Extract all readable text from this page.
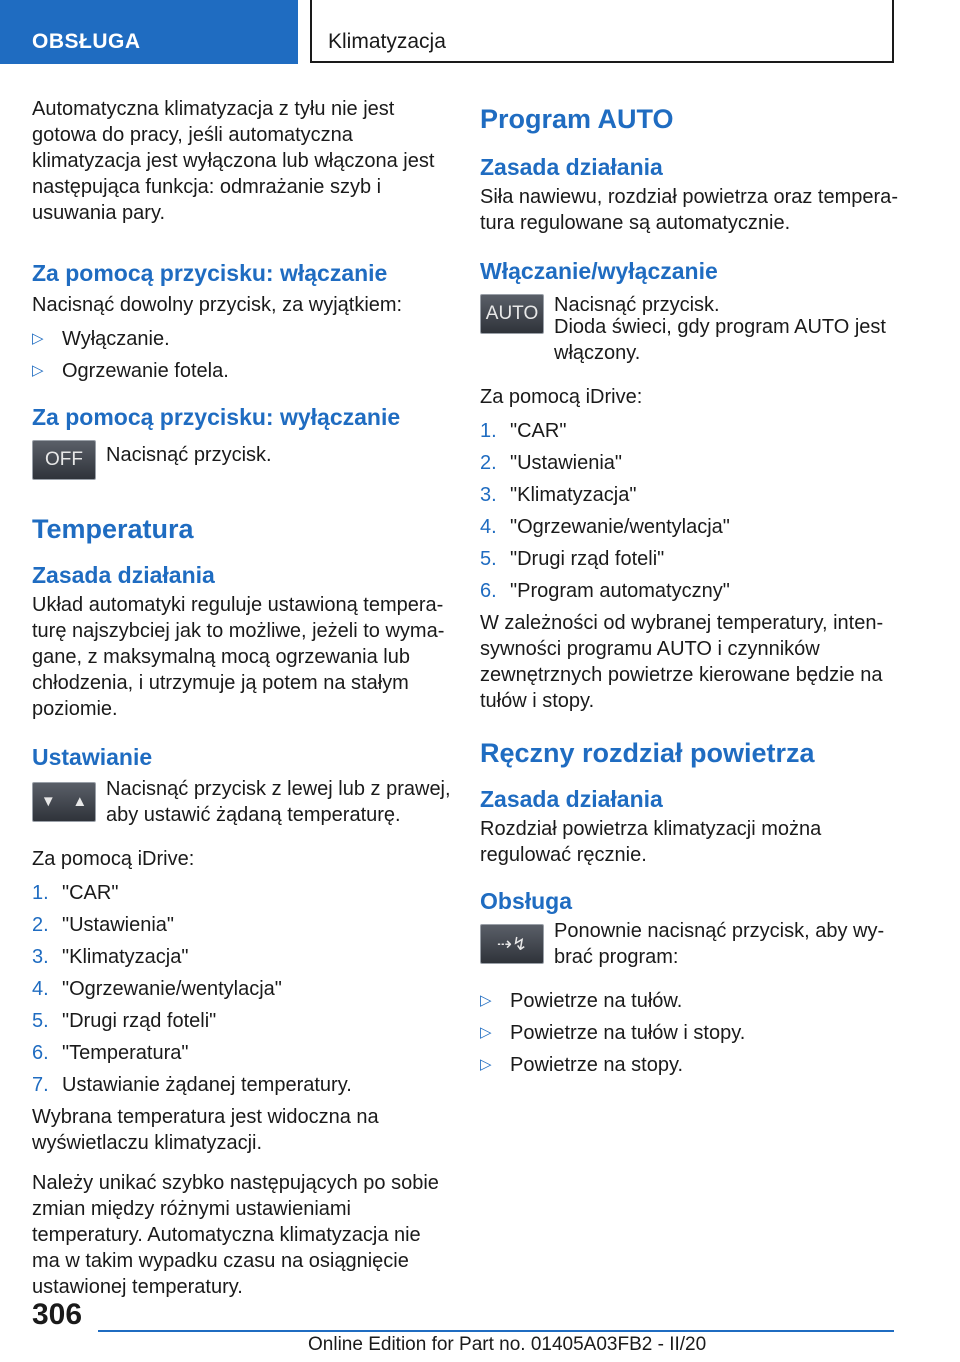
OBSŁUGA	Klimatyzacja

Automatyczna klimatyzacja z tyłu nie jest gotowa do pracy, jeśli automatyczna klimatyzacja jest wyłączona lub włączona jest następująca funkcja: odmrażanie szyb i usuwania pary.

Za pomocą przycisku: włączanie

Nacisnąć dowolny przycisk, za wyjątkiem:

▷ Wyłączanie.
▷ Ogrzewanie fotela.
Za pomocą przycisku: wyłączanie
OFF	Nacisnąć przycisk.

Temperatura
Zasada działania

Układ automatyki reguluje ustawioną temperaturę najszybciej jak to możliwe, jeżeli to wymagane, z maksymalną mocą ogrzewania lub chłodzenia, i utrzymuje ją potem na stałym poziomie.

Ustawianie
▼    ▲

Nacisnąć przycisk z lewej lub z prawej, aby ustawić żądaną temperaturę.

Za pomocą iDrive:

1. "CAR"
2. "Ustawienia"
3. "Klimatyzacja"
4. "Ogrzewanie/wentylacja"
5. "Drugi rząd foteli"
6. "Temperatura"
7. Ustawianie żądanej temperatury.

Wybrana temperatura jest widoczna na wyświetlaczu klimatyzacji.

Należy unikać szybko następujących po sobie zmian między różnymi ustawieniami temperatury. Automatyczna klimatyzacja nie ma w takim wypadku czasu na osiągnięcie ustawionej temperatury.

Program AUTO
Zasada działania

Siła nawiewu, rozdział powietrza oraz temperatura regulowane są automatycznie.

Włączanie/wyłączanie
AUTO Nacisnąć przycisk.

Dioda świeci, gdy program AUTO jest włączony.

Za pomocą iDrive:

1. "CAR"
2. "Ustawienia"
3. "Klimatyzacja"
4. "Ogrzewanie/wentylacja"
5. "Drugi rząd foteli"
6. "Program automatyczny"

W zależności od wybranej temperatury, intensywności programu AUTO i czynników zewnętrznych powietrze kierowane będzie na tułów i stopy.

Ręczny rozdział powietrza
Zasada działania

Rozdział powietrza klimatyzacji można regulować ręcznie.

Obsługa
⇢↯

Ponownie nacisnąć przycisk, aby wybrać program:

▷ Powietrze na tułów.
▷ Powietrze na tułów i stopy.
▷ Powietrze na stopy.
306
Online Edition for Part no. 01405A03FB2 - II/20
